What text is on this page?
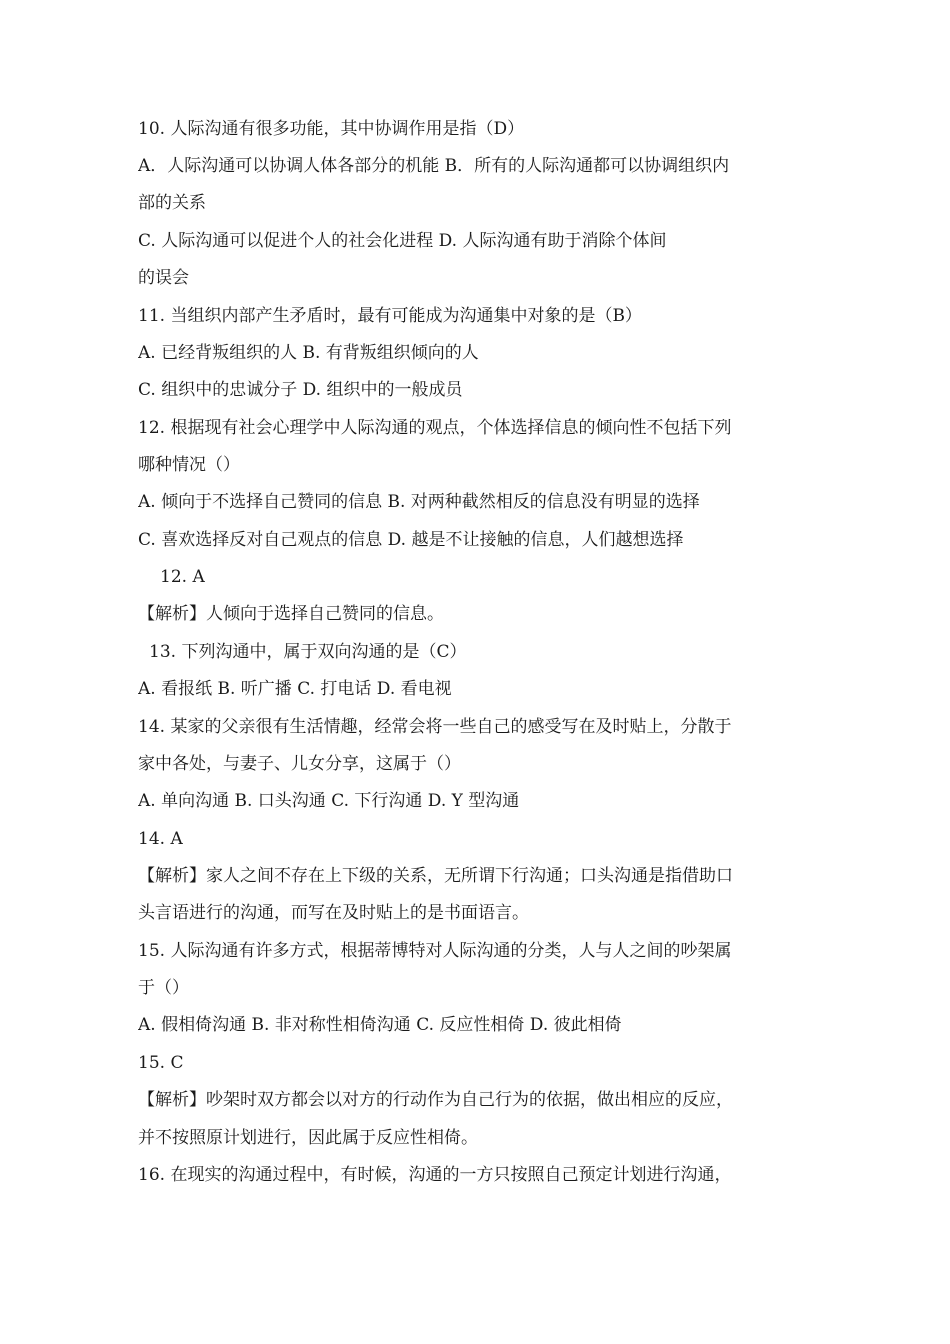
10. 人际沟通有很多功能，其中协调作用是指（D）
A．人际沟通可以协调人体各部分的机能 B．所有的人际沟通都可以协调组织内
部的关系
C. 人际沟通可以促进个人的社会化进程 D. 人际沟通有助于消除个体间
的误会
11. 当组织内部产生矛盾时，最有可能成为沟通集中对象的是（B）
A. 已经背叛组织的人 B. 有背叛组织倾向的人
C. 组织中的忠诚分子 D. 组织中的一般成员
12. 根据现有社会心理学中人际沟通的观点，个体选择信息的倾向性不包括下列
哪种情况（）
A. 倾向于不选择自己赞同的信息 B. 对两种截然相反的信息没有明显的选择
C. 喜欢选择反对自己观点的信息 D. 越是不让接触的信息，人们越想选择
12. A
【解析】人倾向于选择自己赞同的信息。
13. 下列沟通中，属于双向沟通的是（C）
A. 看报纸 B. 听广播 C. 打电话 D. 看电视
14. 某家的父亲很有生活情趣，经常会将一些自己的感受写在及时贴上，分散于
家中各处，与妻子、儿女分享，这属于（）
A. 单向沟通 B. 口头沟通 C. 下行沟通 D. Y 型沟通
14. A
【解析】家人之间不存在上下级的关系，无所谓下行沟通；口头沟通是指借助口
头言语进行的沟通，而写在及时贴上的是书面语言。
15. 人际沟通有许多方式，根据蒂博特对人际沟通的分类，人与人之间的吵架属
于（）
A. 假相倚沟通 B. 非对称性相倚沟通 C. 反应性相倚 D. 彼此相倚
15. C
【解析】吵架时双方都会以对方的行动作为自己行为的依据，做出相应的反应，
并不按照原计划进行，因此属于反应性相倚。
16. 在现实的沟通过程中，有时候，沟通的一方只按照自己预定计划进行沟通，
